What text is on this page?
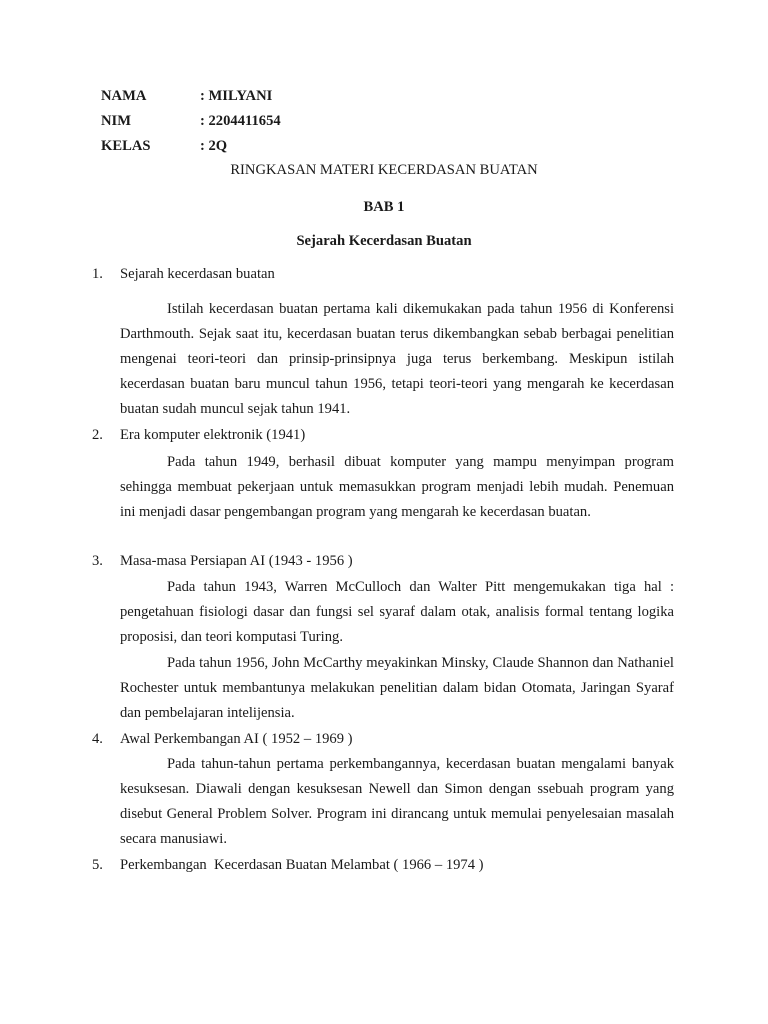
NAMA	: MILYANI
NIM	: 2204411654
KELAS	: 2Q
RINGKASAN MATERI KECERDASAN BUATAN
BAB 1
Sejarah Kecerdasan Buatan
1. Sejarah kecerdasan buatan

Istilah kecerdasan buatan pertama kali dikemukakan pada tahun 1956 di Konferensi Darthmouth. Sejak saat itu, kecerdasan buatan terus dikembangkan sebab berbagai penelitian mengenai teori-teori dan prinsip-prinsipnya juga terus berkembang. Meskipun istilah kecerdasan buatan baru muncul tahun 1956, tetapi teori-teori yang mengarah ke kecerdasan buatan sudah muncul sejak tahun 1941.

2. Era komputer elektronik (1941)

Pada tahun 1949, berhasil dibuat komputer yang mampu menyimpan program sehingga membuat pekerjaan untuk memasukkan program menjadi lebih mudah. Penemuan ini menjadi dasar pengembangan program yang mengarah ke kecerdasan buatan.

3. Masa-masa Persiapan AI (1943 - 1956 )

Pada tahun 1943, Warren McCulloch dan Walter Pitt mengemukakan tiga hal : pengetahuan fisiologi dasar dan fungsi sel syaraf dalam otak, analisis formal tentang logika proposisi, dan teori komputasi Turing.

Pada tahun 1956, John McCarthy meyakinkan Minsky, Claude Shannon dan Nathaniel Rochester untuk membantunya melakukan penelitian dalam bidan Otomata, Jaringan Syaraf dan pembelajaran intelijensia.

4. Awal Perkembangan AI ( 1952 – 1969 )

Pada tahun-tahun pertama perkembangannya, kecerdasan buatan mengalami banyak kesuksesan. Diawali dengan kesuksesan Newell dan Simon dengan ssebuah program yang disebut General Problem Solver. Program ini dirancang untuk memulai penyelesaian masalah secara manusiawi.

5. Perkembangan  Kecerdasan Buatan Melambat ( 1966 – 1974 )
